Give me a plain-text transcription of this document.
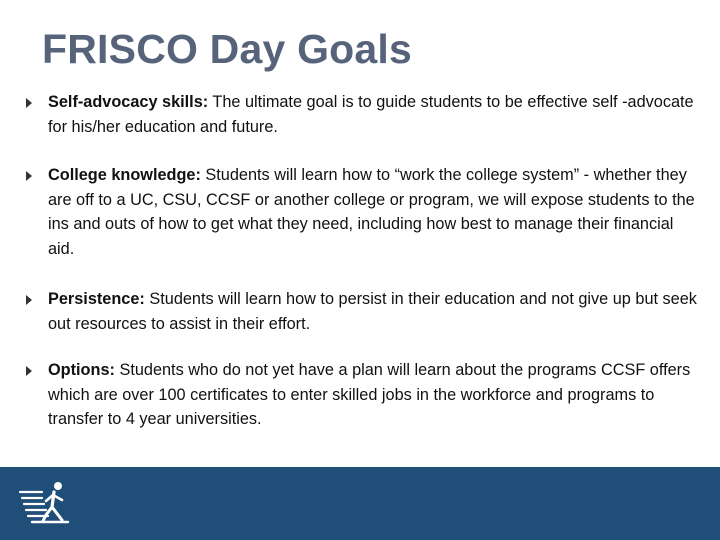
FRISCO Day Goals
Self-advocacy skills: The ultimate goal is to guide students to be effective self -advocate for his/her education and future.
College knowledge: Students will learn how to “work the college system” - whether they are off to a UC, CSU, CCSF or another college or program, we will expose students to the ins and outs of how to get what they need, including how best to manage their financial aid.
Persistence: Students will learn how to persist in their education and not give up but seek out resources to assist in their effort.
Options: Students who do not yet have a plan will learn about the programs CCSF offers which are over 100 certificates to enter skilled jobs in the workforce and programs to transfer to 4 year universities.
